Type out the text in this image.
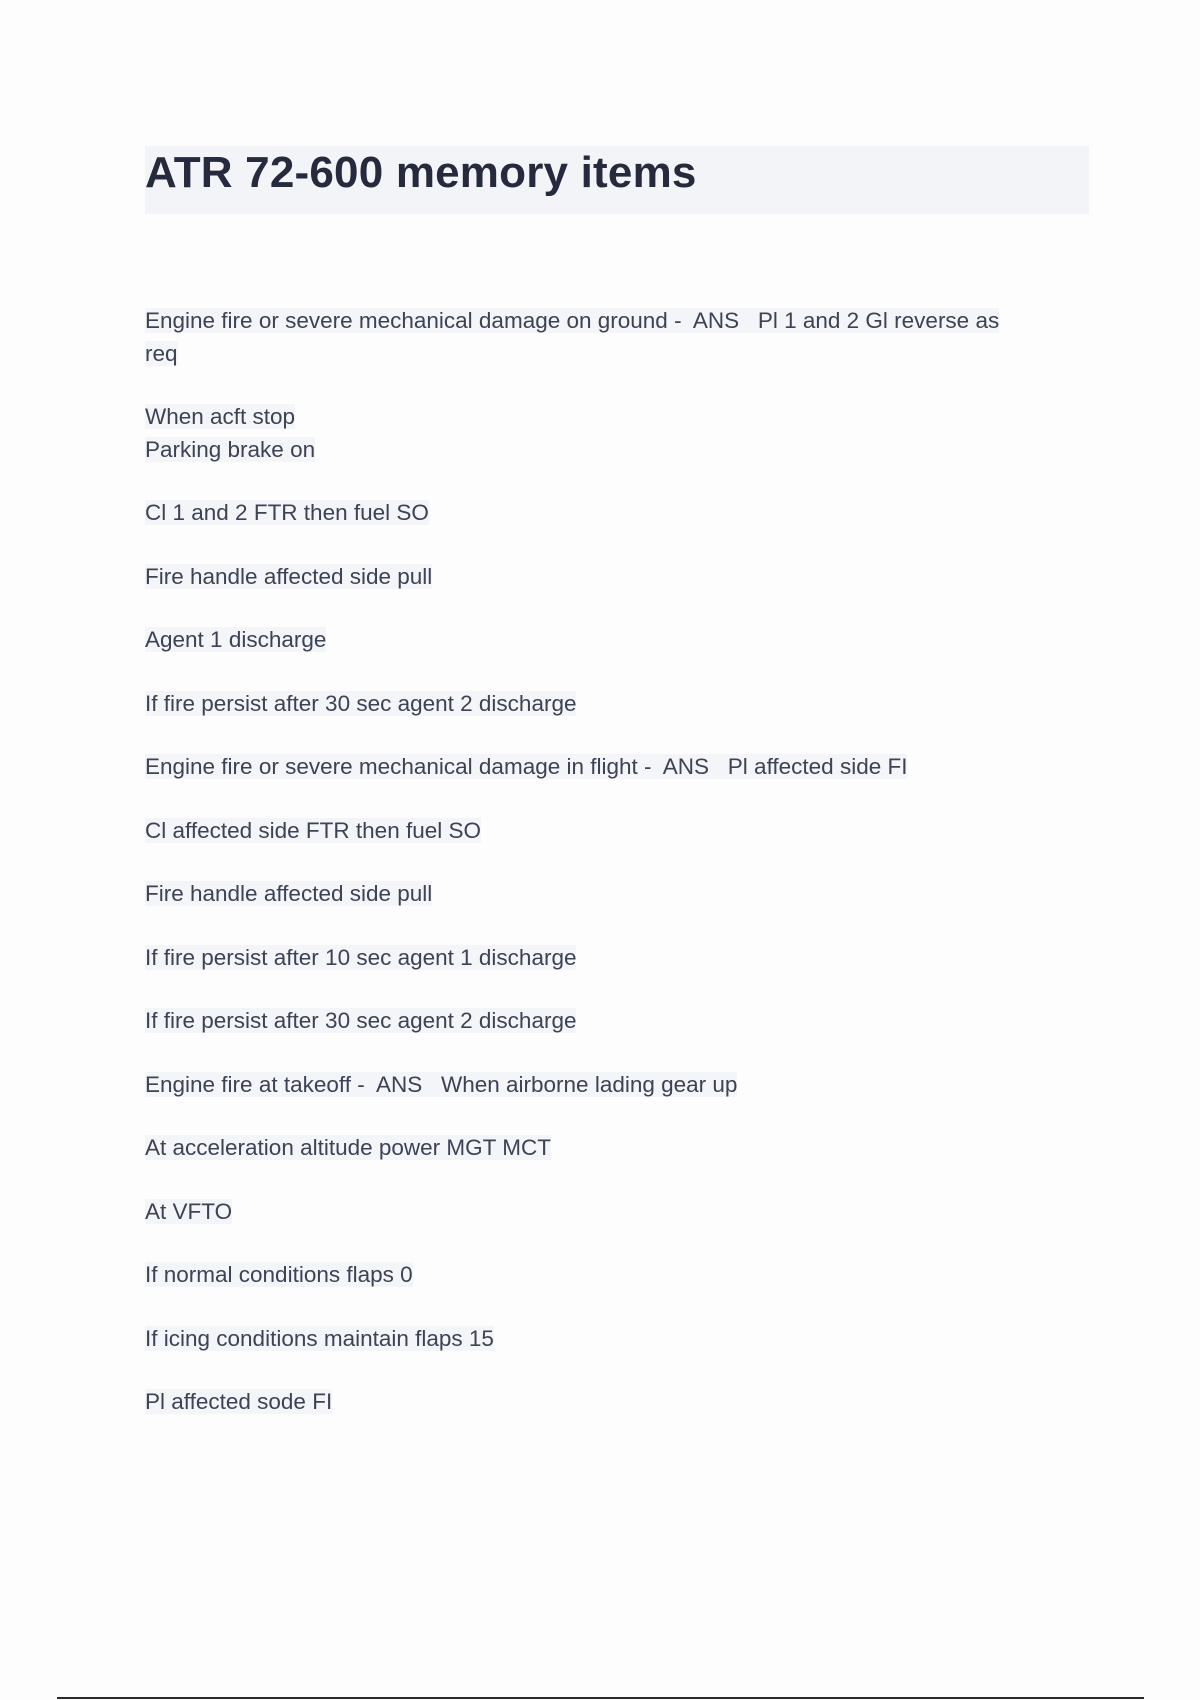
ATR 72-600 memory items

Engine fire or severe mechanical damage on ground -  ANS   Pl 1 and 2 Gl reverse as

req

When acft stop

Parking brake on

Cl 1 and 2 FTR then fuel SO

Fire handle affected side pull

Agent 1 discharge

If fire persist after 30 sec agent 2 discharge

Engine fire or severe mechanical damage in flight -  ANS   Pl affected side FI

Cl affected side FTR then fuel SO

Fire handle affected side pull

If fire persist after 10 sec agent 1 discharge

If fire persist after 30 sec agent 2 discharge

Engine fire at takeoff -  ANS   When airborne lading gear up

At acceleration altitude power MGT MCT

At VFTO

If normal conditions flaps 0

If icing conditions maintain flaps 15

Pl affected sode FI
